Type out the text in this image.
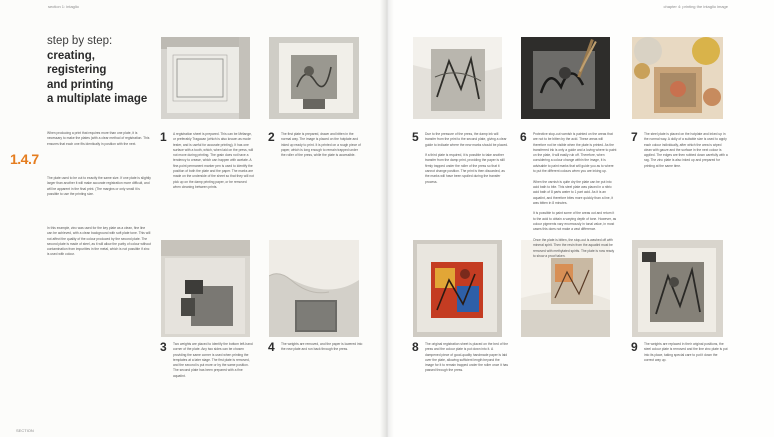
section 1: intaglio	chapter 4: printing the intaglio image
SECTION
step by step:
creating,
registering
and printing
a multiplate image
1.4.7
When producing a print that requires more than one plate, it is necessary to make the plates (with a clear method of registration. This ensures that each one fits identically in position with the next.
The plate used to be cut to exactly the same size. If one plate is slightly larger than another it will make accurate registration more difficult, and will be apparent in the final print. (The margins or only small it is possible to use the printing size.
In this example, zinc was used for the key plate as a clean, fine line can be achieved, with a clean background with soft plate tone. This will not affect the quality of the colour produced by the second plate. The second plate is made of steel, as it will allow the purity of colour without contamination from impurities in the metal, which is not possible if zinc is used with colour.
1 A registration sheet is prepared. This can be Mélange, or preferably Tragacan (which is also known as mode tester, and is useful for accurate printing). It has one surface with a tooth, which, when laid on the press, will not move during printing. The grain does not have a tendency to crease, which can happen with acetate. A fine-point permanent marker pen is used to identify the position of both the plate and the paper. The marks are made on the underside of the sheet so that they will not pick up on the damp printing paper, or be removed when cleaning between prints.
2 The first plate is prepared, drawn and bitten in the normal way. The image is placed on the hotplate and inked up ready to print. It is printed on a rough piece of paper, which is long enough to remain trapped under the roller of the press, while the plate is accessible.
5 Due to the pressure of the press, the damp ink will transfer from the print to the second plate, giving a clear guide to indicate where the new marks should be placed.

If a third plate is required, it is possible to take another transfer from the damp print, providing the paper is still firmly trapped under the roller of the press so that it cannot change position. The print is then discarded, as the marks will have been spoiled during the transfer process.
6 Protective stop-out varnish is painted on the areas that are not to be bitten by the acid. These areas will therefore not be visible when the plate is printed. As the transferred ink is only a guide and a loving where to paint on the plate, it will easily rub off. Therefore, when considering a colour change within the image, it is advisable to paint marks that will guide you as to where to put the different colours when you are inking up.

When the varnish is quite dry the plate can be put into acid bath to bite. This steel plate was placed in a nitric acid bath of 8 parts water to 1 part acid. As it is an aquatint, and therefore bites more quickly than a line, it was bitten in 8 minutes.

It is possible to paint some of the areas out and return it to the acid to obtain a varying depth of tone. However, as colour pigments vary enormously in tonal value, in most cases this does not make a vast difference.

Once the plate is bitten, the stop-out is washed off with mineral spirit. Then the resin from the aquatint must be removed with methylated spirits. The plate is now ready to show a proof taken.
7 The steel plate is placed on the hotplate and inked up in the normal way. A dolly of a suitable size is used to apply each colour individually, after which the area is wiped clean with gauze and the surface in the next colour is applied. The edges are then rubbed down carefully with a rag. The zinc plate is also inked up and prepared for printing at the same time.
3 Two weights are placed to identify the bottom left-hand corner of the plate. Any two sides can be chosen providing the same corner is used when printing the templates at a later stage. The first plate is removed, and the second is put more or by the same position. The second plate has been prepared with a fine aquatint.
4 The weights are removed, and the paper is lowered into the new plate and run back through the press.	8 The original registration sheet is placed on the bed of the press and the colour plate is put down into it. A dampened piece of good-quality handmade paper is laid over the plate, allowing sufficient length beyond the image for it to remain trapped under the roller once it has passed through the press.
9 The weights are replaced in their original positions, the steel colour plate is removed and the line zinc plate is put into its place, taking special care to put it down the correct way up.
